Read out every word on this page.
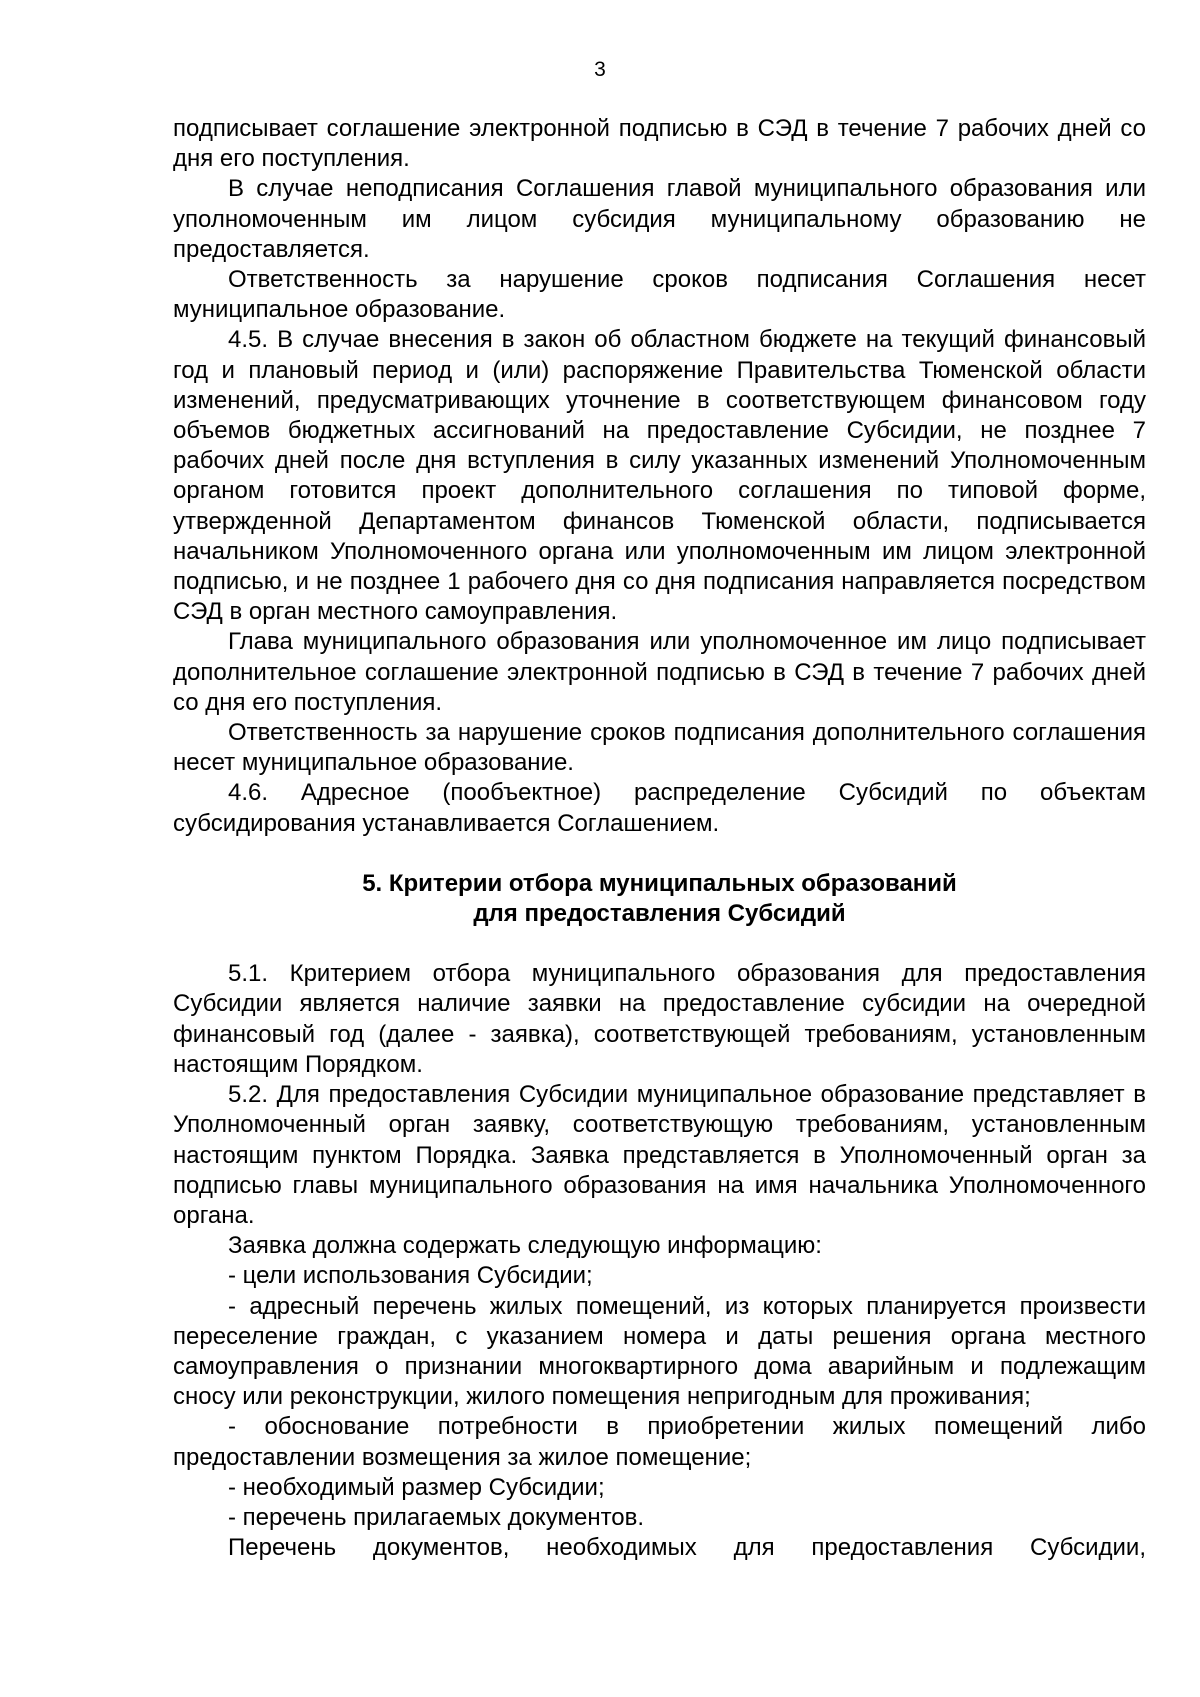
3

подписывает соглашение электронной подписью в СЭД в течение 7 рабочих дней со дня его поступления.

В случае неподписания Соглашения главой муниципального образования или уполномоченным им лицом субсидия муниципальному образованию не предоставляется.

Ответственность за нарушение сроков подписания Соглашения несет муниципальное образование.

4.5. В случае внесения в закон об областном бюджете на текущий финансовый год и плановый период и (или) распоряжение Правительства Тюменской области изменений, предусматривающих уточнение в соответствующем финансовом году объемов бюджетных ассигнований на предоставление Субсидии, не позднее 7 рабочих дней после дня вступления в силу указанных изменений Уполномоченным органом готовится проект дополнительного соглашения по типовой форме, утвержденной Департаментом финансов Тюменской области, подписывается начальником Уполномоченного органа или уполномоченным им лицом электронной подписью, и не позднее 1 рабочего дня со дня подписания направляется посредством СЭД в орган местного самоуправления.

Глава муниципального образования или уполномоченное им лицо подписывает дополнительное соглашение электронной подписью в СЭД в течение 7 рабочих дней со дня его поступления.

Ответственность за нарушение сроков подписания дополнительного соглашения несет муниципальное образование.

4.6. Адресное (пообъектное) распределение Субсидий по объектам субсидирования устанавливается Соглашением.

5. Критерии отбора муниципальных образований
для предоставления Субсидий

5.1. Критерием отбора муниципального образования для предоставления Субсидии является наличие заявки на предоставление субсидии на очередной финансовый год (далее - заявка), соответствующей требованиям, установленным настоящим Порядком.

5.2. Для предоставления Субсидии муниципальное образование представляет в Уполномоченный орган заявку, соответствующую требованиям, установленным настоящим пунктом Порядка. Заявка представляется в Уполномоченный орган за подписью главы муниципального образования на имя начальника Уполномоченного органа.

Заявка должна содержать следующую информацию:

- цели использования Субсидии;

- адресный перечень жилых помещений, из которых планируется произвести переселение граждан, с указанием номера и даты решения органа местного самоуправления о признании многоквартирного дома аварийным и подлежащим сносу или реконструкции, жилого помещения непригодным для проживания;

- обоснование потребности в приобретении жилых помещений либо предоставлении возмещения за жилое помещение;

- необходимый размер Субсидии;

- перечень прилагаемых документов.

Перечень документов, необходимых для предоставления Субсидии,
